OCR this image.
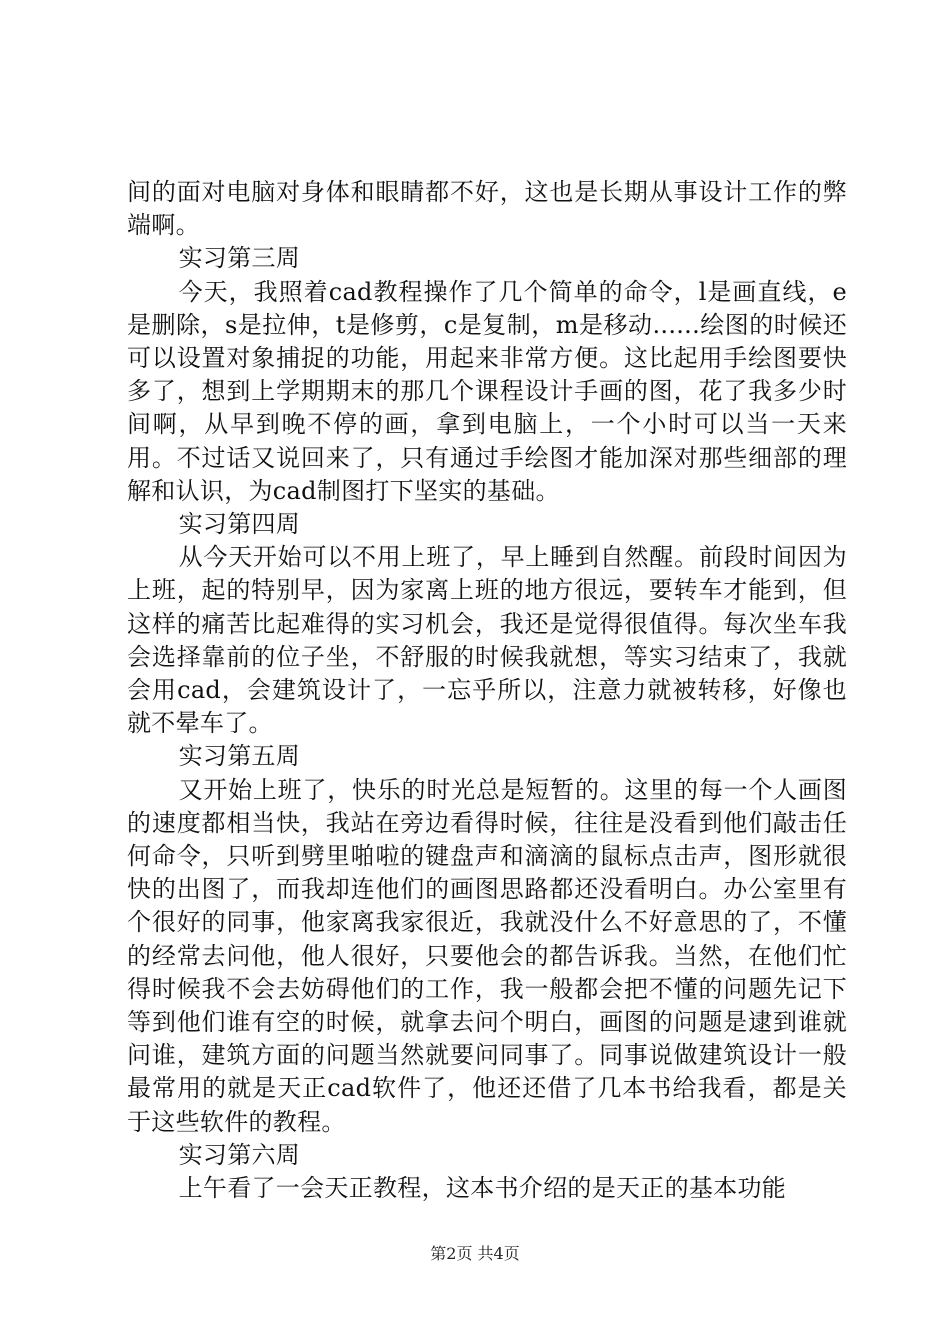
间的面对电脑对身体和眼睛都不好，这也是长期从事设计工作的弊端啊。

实习第三周

今天，我照着cad教程操作了几个简单的命令，l是画直线，e是删除，s是拉伸，t是修剪，c是复制，m是移动......绘图的时候还可以设置对象捕捉的功能，用起来非常方便。这比起用手绘图要快多了，想到上学期期末的那几个课程设计手画的图，花了我多少时间啊，从早到晚不停的画，拿到电脑上，一个小时可以当一天来用。不过话又说回来了，只有通过手绘图才能加深对那些细部的理解和认识，为cad制图打下坚实的基础。

实习第四周

从今天开始可以不用上班了，早上睡到自然醒。前段时间因为上班，起的特别早，因为家离上班的地方很远，要转车才能到，但这样的痛苦比起难得的实习机会，我还是觉得很值得。每次坐车我会选择靠前的位子坐，不舒服的时候我就想，等实习结束了，我就会用cad，会建筑设计了，一忘乎所以，注意力就被转移，好像也就不晕车了。

实习第五周

又开始上班了，快乐的时光总是短暂的。这里的每一个人画图的速度都相当快，我站在旁边看得时候，往往是没看到他们敲击任何命令，只听到劈里啪啦的键盘声和滴滴的鼠标点击声，图形就很快的出图了，而我却连他们的画图思路都还没看明白。办公室里有个很好的同事，他家离我家很近，我就没什么不好意思的了，不懂的经常去问他，他人很好，只要他会的都告诉我。当然，在他们忙得时候我不会去妨碍他们的工作，我一般都会把不懂的问题先记下等到他们谁有空的时候，就拿去问个明白，画图的问题是逮到谁就问谁，建筑方面的问题当然就要问同事了。同事说做建筑设计一般最常用的就是天正cad软件了，他还还借了几本书给我看，都是关于这些软件的教程。

实习第六周

上午看了一会天正教程，这本书介绍的是天正的基本功能

第2页 共4页
